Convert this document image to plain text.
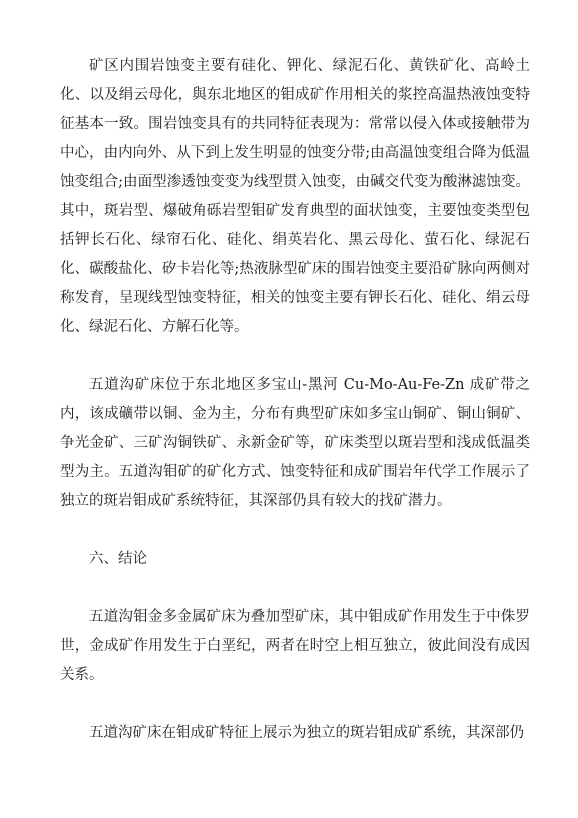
矿区内围岩蚀变主要有硅化、钾化、绿泥石化、黄铁矿化、高岭土化、以及绢云母化，與东北地区的钼成矿作用相关的浆控高温热液蚀变特征基本一致。围岩蚀变具有的共同特征表现为：常常以侵入体或接触带为中心，由内向外、从下到上发生明显的蚀变分带;由高温蚀变组合降为低温蚀变组合;由面型渗透蚀变变为线型贯入蚀变，由碱交代变为酸淋滤蚀变。其中，斑岩型、爆破角砾岩型钼矿发育典型的面状蚀变，主要蚀变类型包括钾长石化、绿帘石化、硅化、绢英岩化、黑云母化、萤石化、绿泥石化、碳酸盐化、矽卡岩化等;热液脉型矿床的围岩蚀变主要沿矿脉向两侧对称发育，呈现线型蚀变特征，相关的蚀变主要有钾长石化、硅化、绢云母化、绿泥石化、方解石化等。

五道沟矿床位于东北地区多宝山-黑河 Cu-Mo-Au-Fe-Zn 成矿带之内，该成礦带以铜、金为主，分布有典型矿床如多宝山铜矿、铜山铜矿、争光金矿、三矿沟铜铁矿、永新金矿等，矿床类型以斑岩型和浅成低温类型为主。五道沟钼矿的矿化方式、蚀变特征和成矿围岩年代学工作展示了独立的斑岩钼成矿系统特征，其深部仍具有较大的找矿潜力。

六、结论

五道沟钼金多金属矿床为叠加型矿床，其中钼成矿作用发生于中侏罗世，金成矿作用发生于白垩纪，两者在时空上相互独立，彼此间没有成因关系。

五道沟矿床在钼成矿特征上展示为独立的斑岩钼成矿系统，其深部仍
